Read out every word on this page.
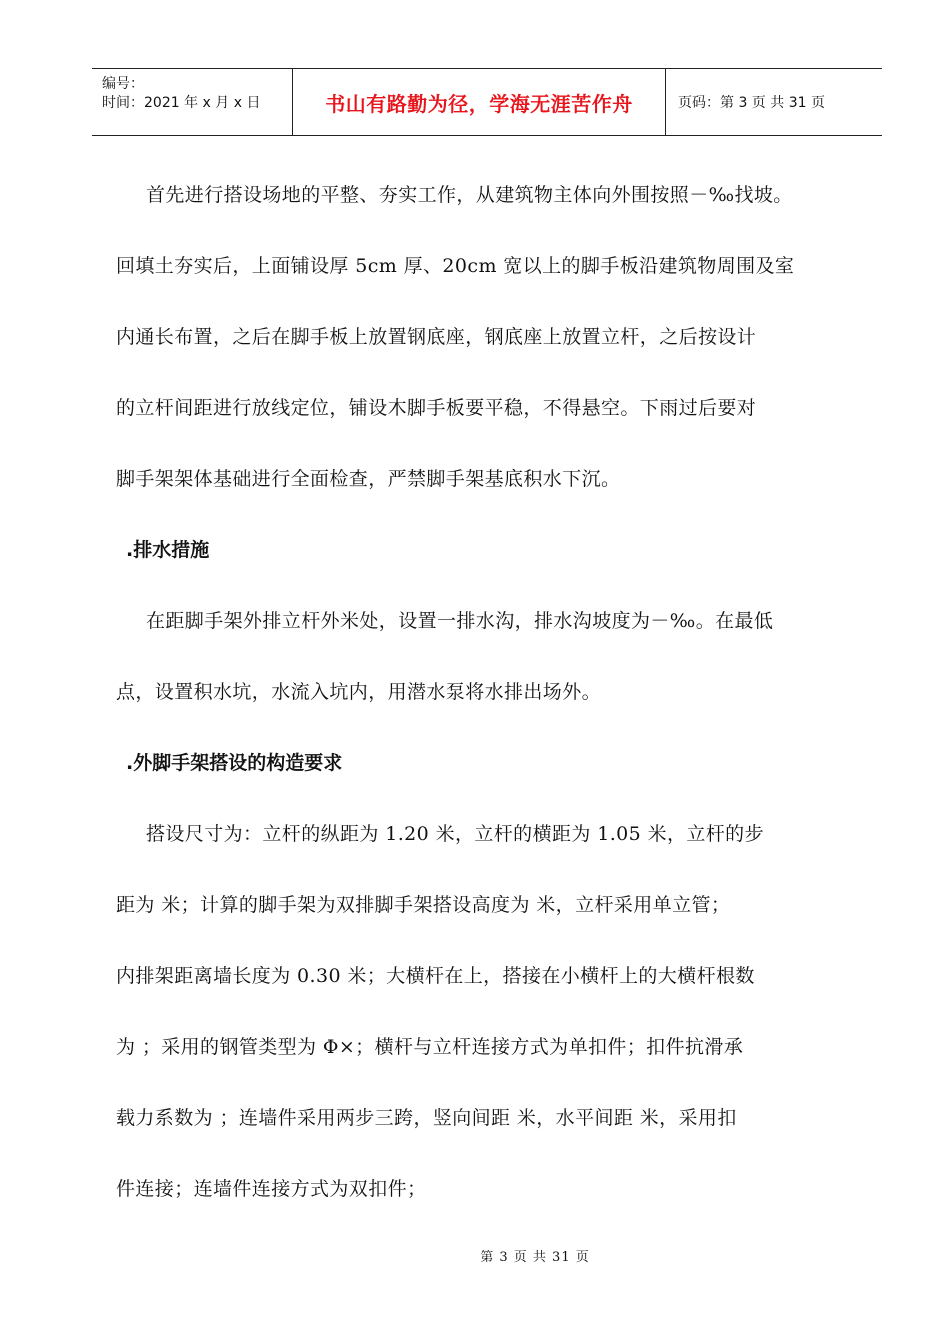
编号：
时间：2021 年 x 月 x 日	书山有路勤为径，学海无涯苦作舟	页码：第 3 页 共 31 页
首先进行搭设场地的平整、夯实工作，从建筑物主体向外围按照－‰找坡。
回填土夯实后，上面铺设厚 5cm 厚、20cm 宽以上的脚手板沿建筑物周围及室
内通长布置，之后在脚手板上放置钢底座，钢底座上放置立杆，之后按设计
的立杆间距进行放线定位，铺设木脚手板要平稳，不得悬空。下雨过后要对
脚手架架体基础进行全面检查，严禁脚手架基底积水下沉。
.排水措施
在距脚手架外排立杆外米处，设置一排水沟，排水沟坡度为－‰。在最低
点，设置积水坑，水流入坑内，用潜水泵将水排出场外。
.外脚手架搭设的构造要求
搭设尺寸为：立杆的纵距为 1.20 米，立杆的横距为 1.05 米，立杆的步
距为 米；计算的脚手架为双排脚手架搭设高度为 米，立杆采用单立管；
内排架距离墙长度为 0.30 米；大横杆在上，搭接在小横杆上的大横杆根数
为 ；采用的钢管类型为 Φ×；横杆与立杆连接方式为单扣件；扣件抗滑承
载力系数为 ；连墙件采用两步三跨，竖向间距 米，水平间距 米，采用扣
件连接；连墙件连接方式为双扣件；
第 3 页 共 31 页
